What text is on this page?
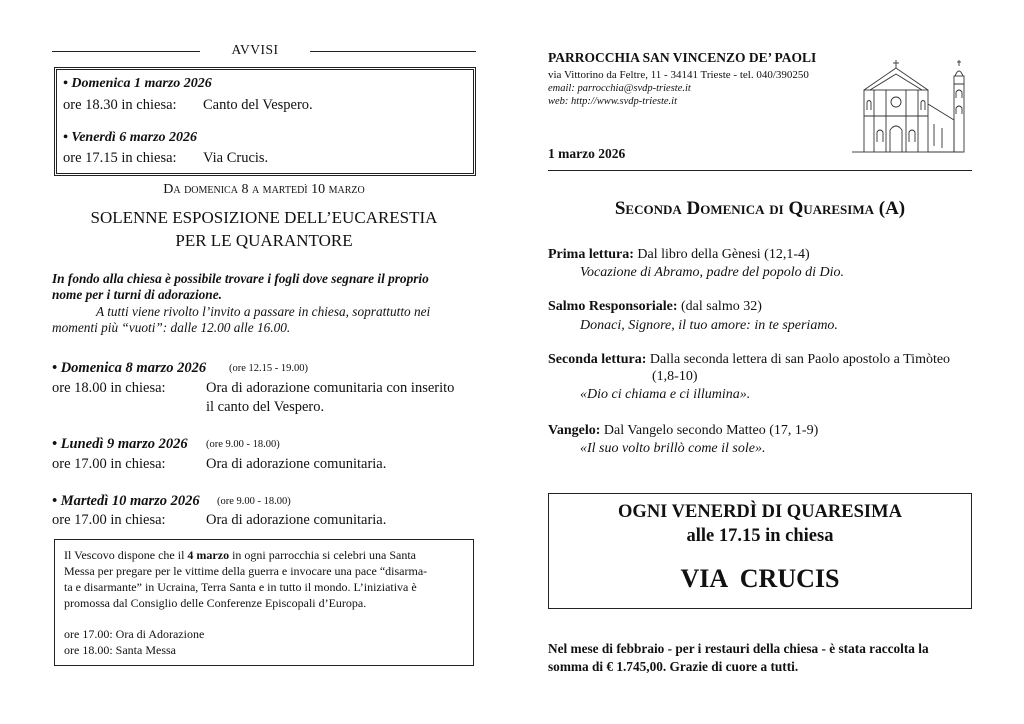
AVVISI
• Domenica 1 marzo 2026
ore 18.30 in chiesa: Canto del Vespero.
• Venerdì 6 marzo 2026
ore 17.15 in chiesa: Via Crucis.
Da domenica 8 a martedì 10 marzo
SOLENNE ESPOSIZIONE DELL’EUCARESTIA
PER LE QUARANTORE
In fondo alla chiesa è possibile trovare i fogli dove segnare il proprio
nome per i turni di adorazione.
A tutti viene rivolto l’invito a passare in chiesa, soprattutto nei
momenti più “vuoti”: dalle 12.00 alle 16.00.
• Domenica 8 marzo 2026 (ore 12.15 - 19.00)
ore 18.00 in chiesa:	Ora di adorazione comunitaria con inserito
il canto del Vespero.
• Lunedì 9 marzo 2026 (ore 9.00 - 18.00)
ore 17.00 in chiesa:	Ora di adorazione comunitaria.
• Martedì 10 marzo 2026 (ore 9.00 - 18.00)
ore 17.00 in chiesa:	Ora di adorazione comunitaria.
Il Vescovo dispone che il 4 marzo in ogni parrocchia si celebri una Santa
Messa per pregare per le vittime della guerra e invocare una pace “disarma-
ta e disarmante” in Ucraina, Terra Santa e in tutto il mondo. L’iniziativa è
promossa dal Consiglio delle Conferenze Episcopali d’Europa.
ore 17.00: Ora di Adorazione
ore 18.00: Santa Messa
PARROCCHIA SAN VINCENZO DE’ PAOLI
via Vittorino da Feltre, 11 - 34141 Trieste - tel. 040/390250
email: parrocchia@svdp-trieste.it
web: http://www.svdp-trieste.it
1 marzo 2026
Seconda Domenica di Quaresima (A)
Prima lettura: Dal libro della Gènesi (12,1-4)
Vocazione di Abramo, padre del popolo di Dio.
Salmo Responsoriale: (dal salmo 32)
Donaci, Signore, il tuo amore: in te speriamo.
Seconda lettura: Dalla seconda lettera di san Paolo apostolo a Timòteo
(1,8-10)
«Dio ci chiama e ci illumina».
Vangelo: Dal Vangelo secondo Matteo (17, 1-9)
«Il suo volto brillò come il sole».
OGNI VENERDÌ DI QUARESIMA
alle 17.15 in chiesa
VIA  CRUCIS
Nel mese di febbraio - per i restauri della chiesa - è stata raccolta la
somma di € 1.745,00. Grazie di cuore a tutti.
